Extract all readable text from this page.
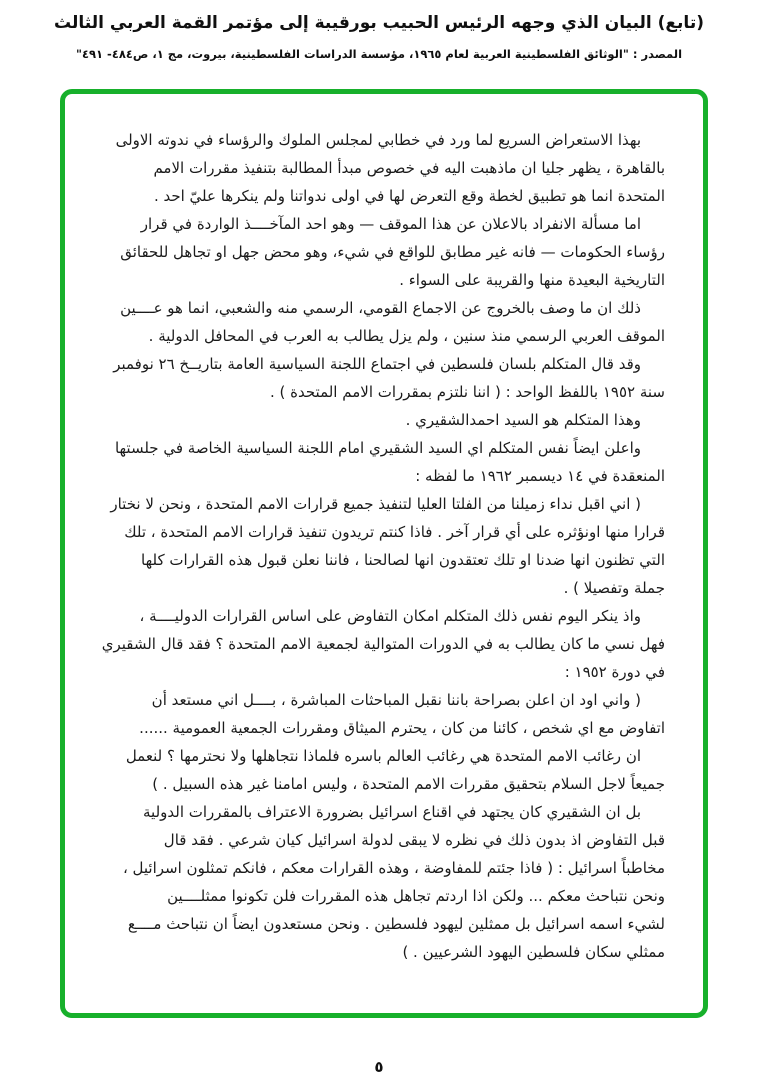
(تابع) البيان الذي وجهه الرئيس الحبيب بورقيبة إلى مؤتمر القمة العربي الثالث
المصدر : "الوثائق الفلسطينية العربية لعام ١٩٦٥، مؤسسة الدراسات الفلسطينية، بيروت، مج ١، ص٤٨٤- ٤٩١"
بهذا الاستعراض السريع لما ورد في خطابي لمجلس الملوك والرؤساء في ندوته الاولى
بالقاهرة ، يظهر جليا ان ماذهبت اليه في خصوص مبدأ المطالبة بتنفيذ مقررات الامم
المتحدة انما هو تطبيق لخطة وقع التعرض لها في اولى ندواتنا ولم ينكرها عليّ احد .
اما مسألة الانفراد بالاعلان عن هذا الموقف — وهو احد المآخــــذ الواردة في قرار
رؤساء الحكومات — فانه غير مطابق للواقع في شيء، وهو محض جهل او تجاهل للحقائق
التاريخية البعيدة منها والقريبة على السواء .
ذلك ان ما وصف بالخروج عن الاجماع القومي، الرسمي منه والشعبي، انما هو عــــين
الموقف العربي الرسمي منذ سنين ، ولم يزل يطالب به العرب في المحافل الدولية .
وقد قال المتكلم بلسان فلسطين في اجتماع اللجنة السياسية العامة بتاريــخ ٢٦ نوفمبر
سنة ١٩٥٢ باللفظ الواحد : ( اننا نلتزم بمقررات الامم المتحدة ) .
وهذا المتكلم هو السيد احمدالشقيري .
واعلن ايضاً نفس المتكلم اي السيد الشقيري امام اللجنة السياسية الخاصة في جلستها
المنعقدة في ١٤ ديسمبر ١٩٦٢ ما لفظه :
( اني اقبل نداء زميلنا من الفلتا العليا لتنفيذ جميع قرارات الامم المتحدة ، ونحن لا نختار
قرارا منها اونؤثره على أي قرار آخر . فاذا كنتم تريدون تنفيذ قرارات الامم المتحدة ، تلك
التي تظنون انها ضدنا او تلك تعتقدون انها لصالحنا ، فاننا نعلن قبول هذه القرارات كلها
جملة وتفصيلا ) .
واذ ينكر اليوم نفس ذلك المتكلم امكان التفاوض على اساس القرارات الدوليــــة ،
فهل نسي ما كان يطالب به في الدورات المتوالية لجمعية الامم المتحدة ؟ فقد قال الشقيري
في دورة ١٩٥٢ :
( واني اود ان اعلن بصراحة باننا نقبل المباحثات المباشرة ، بــــل اني مستعد أن
اتفاوض مع اي شخص ، كائنا من كان ، يحترم الميثاق ومقررات الجمعية العمومية ......
ان رغائب الامم المتحدة هي رغائب العالم باسره فلماذا نتجاهلها ولا نحترمها ؟ لنعمل
جميعاً لاجل السلام بتحقيق مقررات الامم المتحدة ، وليس امامنا غير هذه السبيل . )
بل ان الشقيري كان يجتهد في اقناع اسرائيل بضرورة الاعتراف بالمقررات الدولية
قبل التفاوض اذ بدون ذلك في نظره لا يبقى لدولة اسرائيل كيان شرعي . فقد قال
مخاطباً اسرائيل : ( فاذا جئتم للمفاوضة ، وهذه القرارات معكم ، فانكم تمثلون اسرائيل ،
ونحن نتباحث معكم ... ولكن اذا اردتم تجاهل هذه المقررات فلن تكونوا ممثلــــين
لشيء اسمه اسرائيل بل ممثلين ليهود فلسطين . ونحن مستعدون ايضاً ان نتباحث مــــع
ممثلي سكان فلسطين اليهود الشرعيين . )
٥
